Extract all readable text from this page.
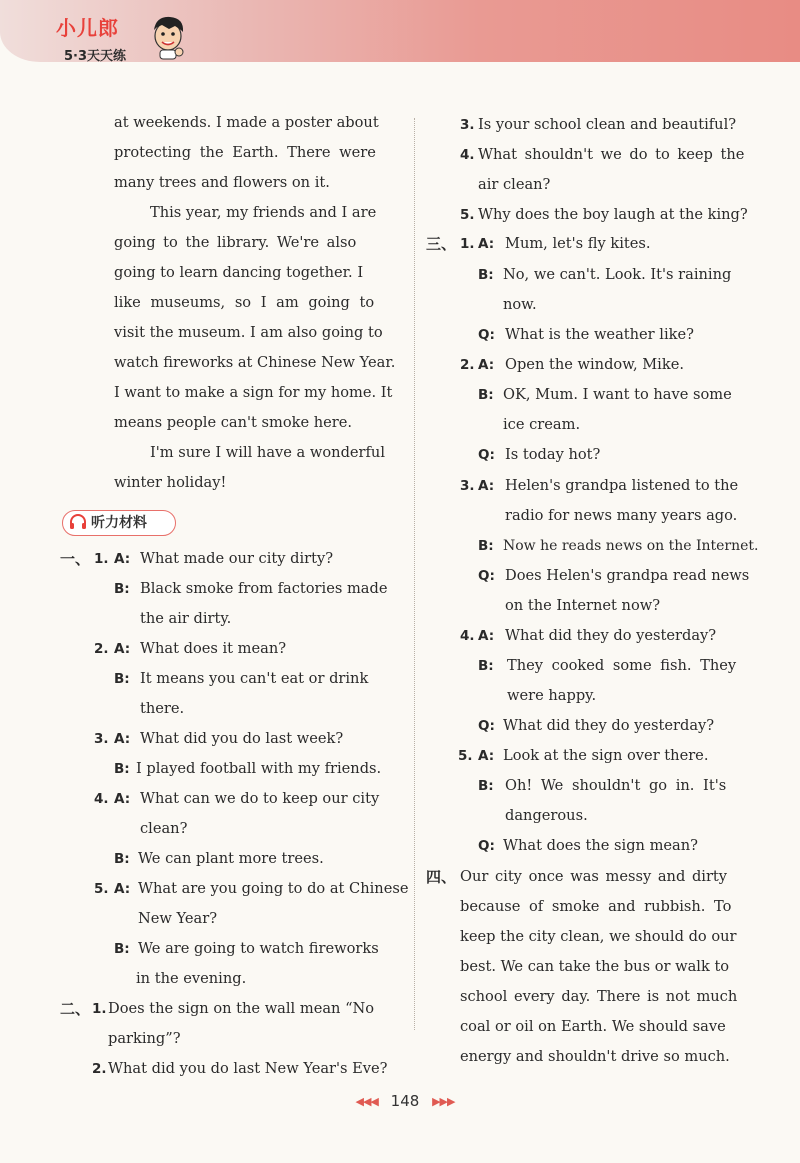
小儿郎
5·3天天练
at weekends. I made a poster about
protecting the Earth. There were
many trees and flowers on it.
This year, my friends and I are
going to the library. We're also
going to learn dancing together. I
like museums, so I am going to
visit the museum. I am also going to
watch fireworks at Chinese New Year.
I want to make a sign for my home. It
means people can't smoke here.
I'm sure I will have a wonderful
winter holiday!
听力材料
一、 1. A: What made our city dirty?
B: Black smoke from factories made
the air dirty.
2. A: What does it mean?
B: It means you can't eat or drink
there.
3. A: What did you do last week?
B: I played football with my friends.
4. A: What can we do to keep our city
clean?
B: We can plant more trees.
5. A: What are you going to do at Chinese
New Year?
B: We are going to watch fireworks
in the evening.
二、 1. Does the sign on the wall mean “No
parking”?
2. What did you do last New Year's Eve?
3. Is your school clean and beautiful?
4. What shouldn't we do to keep the
air clean?
5. Why does the boy laugh at the king?
三、 1. A: Mum, let's fly kites.
B: No, we can't. Look. It's raining
now.
Q: What is the weather like?
2. A: Open the window, Mike.
B: OK, Mum. I want to have some
ice cream.
Q: Is today hot?
3. A: Helen's grandpa listened to the
radio for news many years ago.
B: Now he reads news on the Internet.
Q: Does Helen's grandpa read news
on the Internet now?
4. A: What did they do yesterday?
B: They cooked some fish. They
were happy.
Q: What did they do yesterday?
5. A: Look at the sign over there.
B: Oh! We shouldn't go in. It's
dangerous.
Q: What does the sign mean?
四、 Our city once was messy and dirty
because of smoke and rubbish. To
keep the city clean, we should do our
best. We can take the bus or walk to
school every day. There is not much
coal or oil on Earth. We should save
energy and shouldn't drive so much.
◀◀◀ 148 ▶▶▶
